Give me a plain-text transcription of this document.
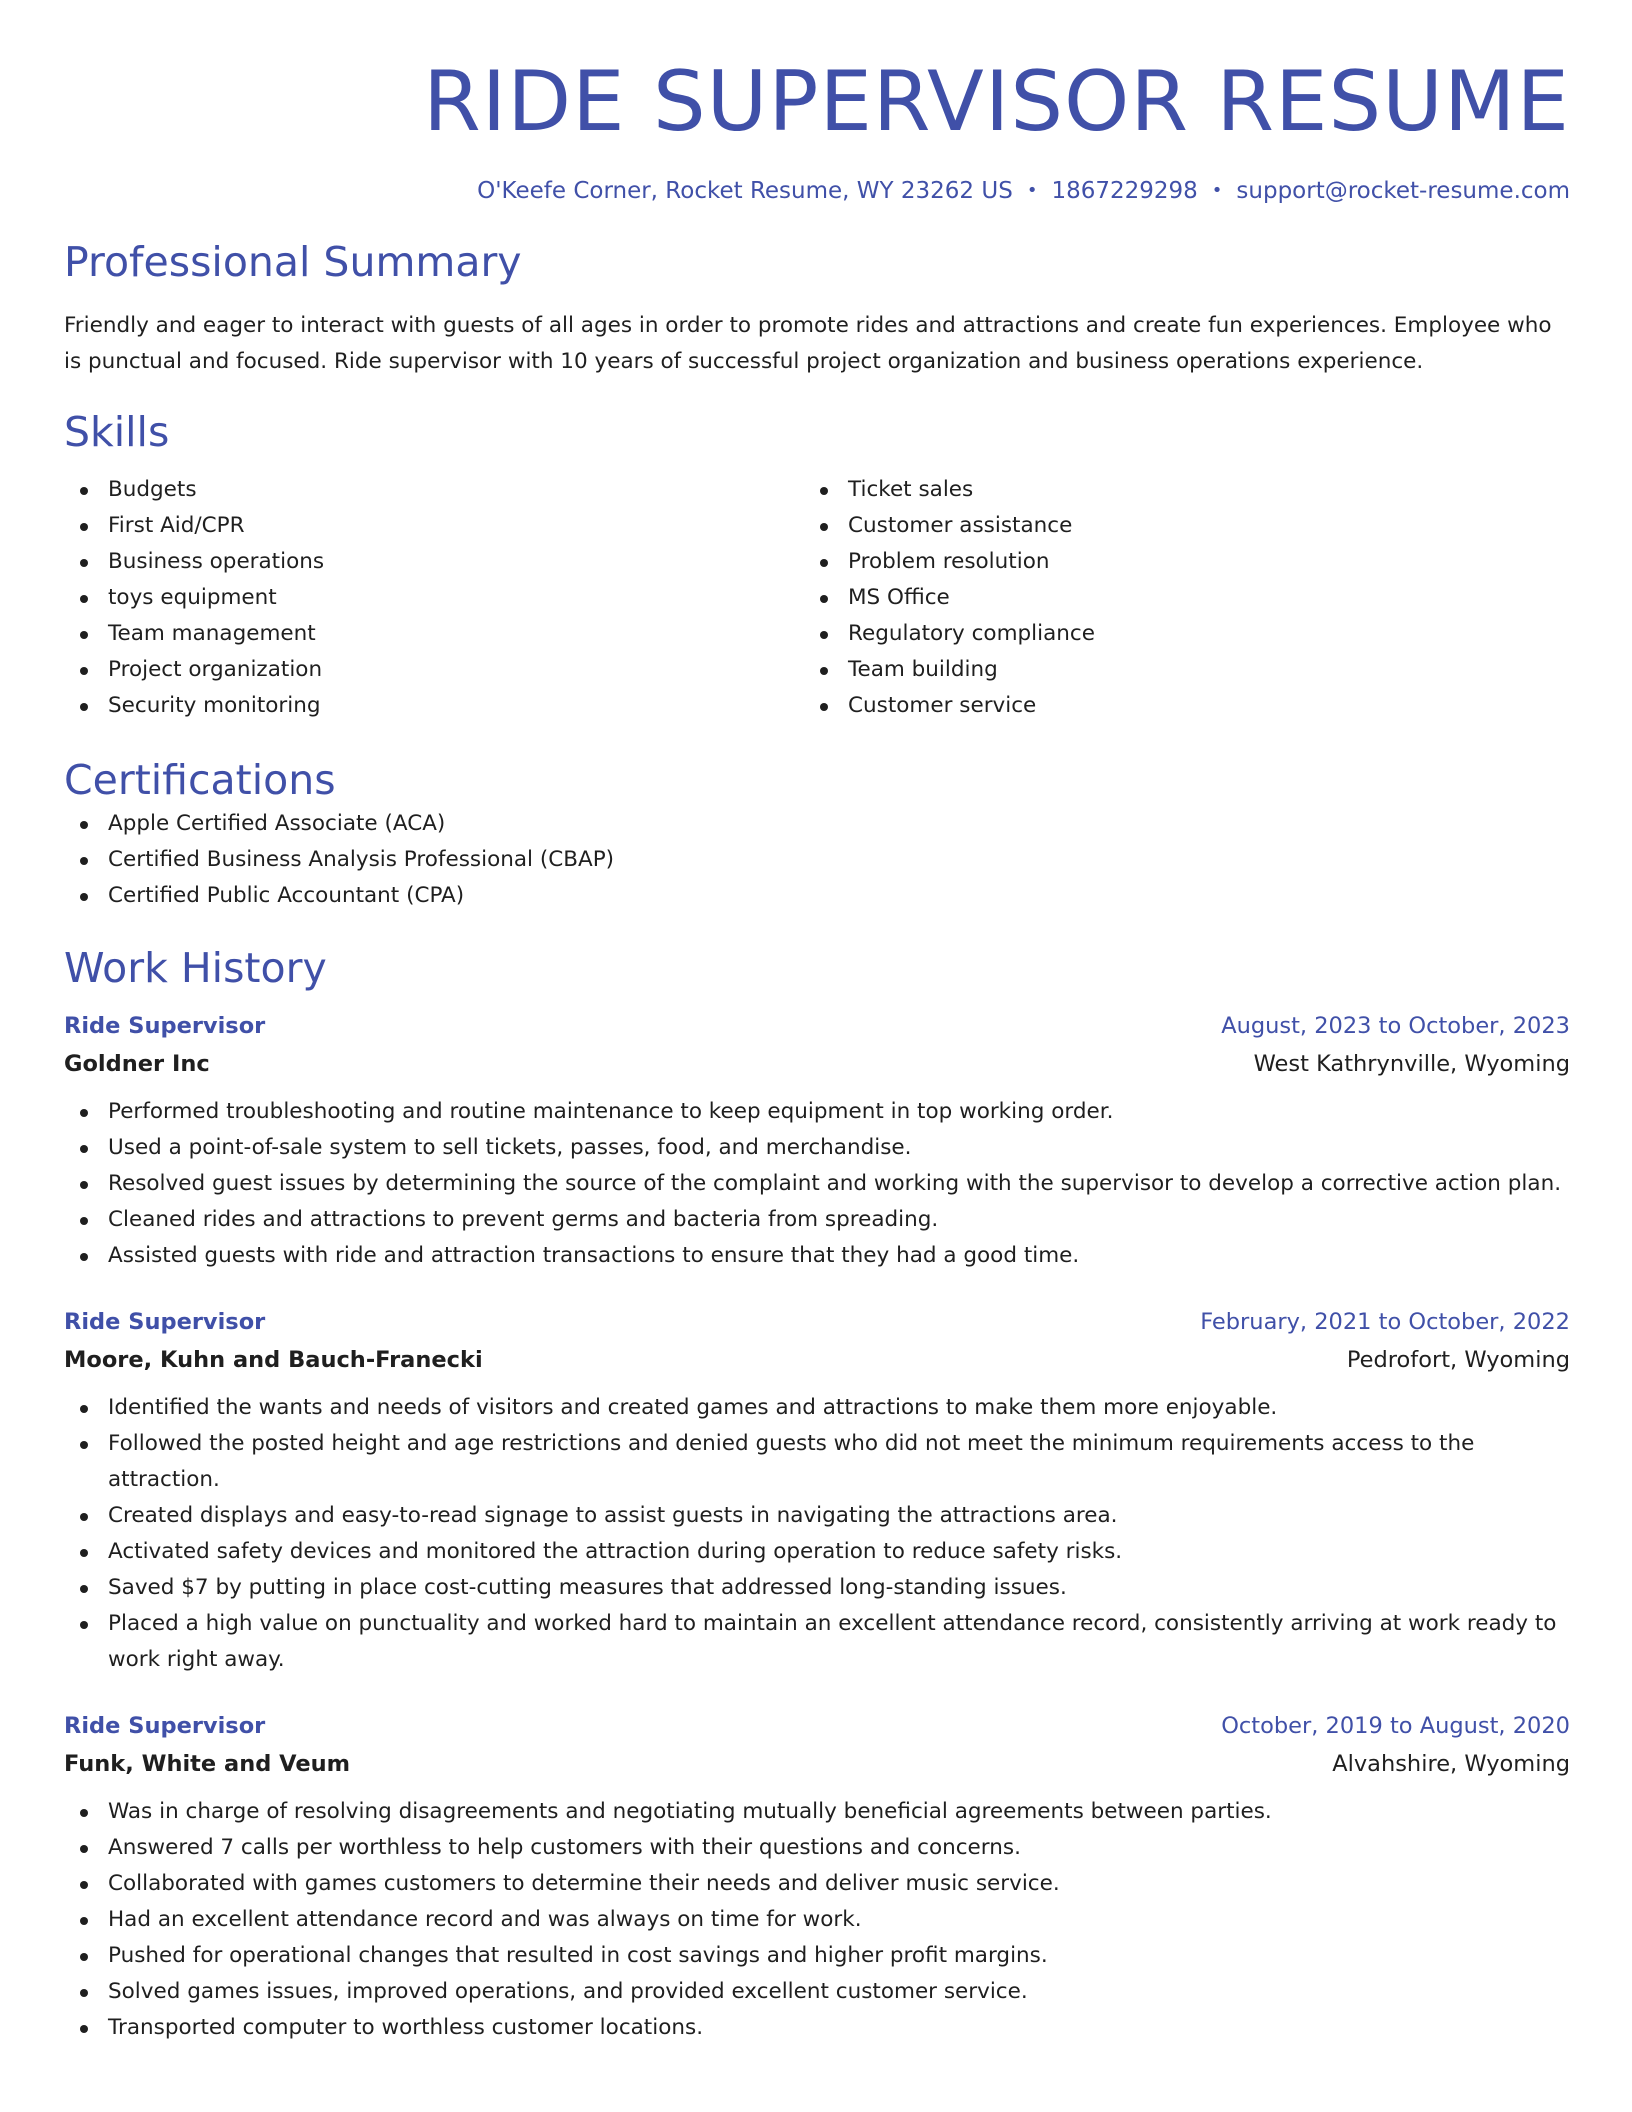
RIDE SUPERVISOR RESUME
O'Keefe Corner, Rocket Resume, WY 23262 US • 1867229298 • support@rocket-resume.com
Professional Summary

Friendly and eager to interact with guests of all ages in order to promote rides and attractions and create fun experiences. Employee who is punctual and focused. Ride supervisor with 10 years of successful project organization and business operations experience.

Skills
Budgets
First Aid/CPR
Business operations
toys equipment
Team management
Project organization
Security monitoring
Ticket sales
Customer assistance
Problem resolution
MS Office
Regulatory compliance
Team building
Customer service
Certifications
Apple Certified Associate (ACA)
Certified Business Analysis Professional (CBAP)
Certified Public Accountant (CPA)
Work History
Ride Supervisor	August, 2023 to October, 2023
Goldner Inc	West Kathrynville, Wyoming
Performed troubleshooting and routine maintenance to keep equipment in top working order.
Used a point-of-sale system to sell tickets, passes, food, and merchandise.
Resolved guest issues by determining the source of the complaint and working with the supervisor to develop a corrective action plan.
Cleaned rides and attractions to prevent germs and bacteria from spreading.
Assisted guests with ride and attraction transactions to ensure that they had a good time.
Ride Supervisor	February, 2021 to October, 2022
Moore, Kuhn and Bauch-Franecki	Pedrofort, Wyoming
Identified the wants and needs of visitors and created games and attractions to make them more enjoyable.
Followed the posted height and age restrictions and denied guests who did not meet the minimum requirements access to the attraction.
Created displays and easy-to-read signage to assist guests in navigating the attractions area.
Activated safety devices and monitored the attraction during operation to reduce safety risks.
Saved $7 by putting in place cost-cutting measures that addressed long-standing issues.
Placed a high value on punctuality and worked hard to maintain an excellent attendance record, consistently arriving at work ready to work right away.
Ride Supervisor	October, 2019 to August, 2020
Funk, White and Veum	Alvahshire, Wyoming
Was in charge of resolving disagreements and negotiating mutually beneficial agreements between parties.
Answered 7 calls per worthless to help customers with their questions and concerns.
Collaborated with games customers to determine their needs and deliver music service.
Had an excellent attendance record and was always on time for work.
Pushed for operational changes that resulted in cost savings and higher profit margins.
Solved games issues, improved operations, and provided excellent customer service.
Transported computer to worthless customer locations.
